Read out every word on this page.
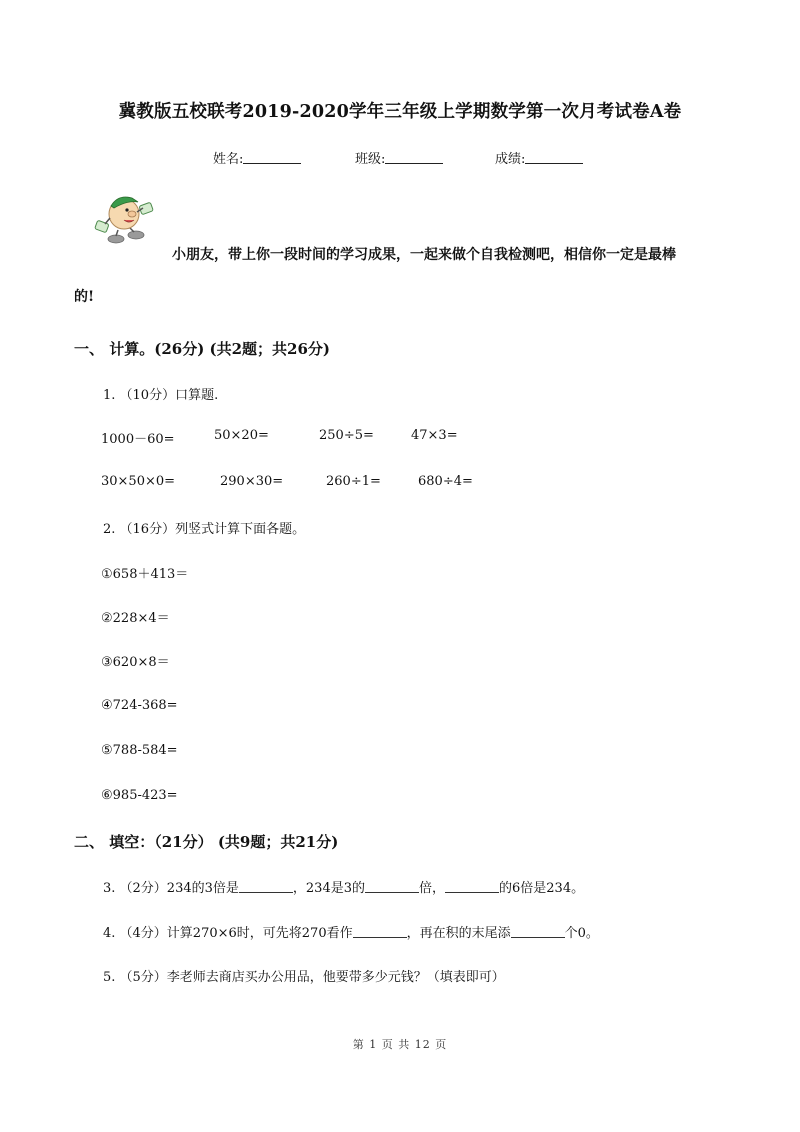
冀教版五校联考2019-2020学年三年级上学期数学第一次月考试卷A卷
姓名:	班级:	成绩:
小朋友，带上你一段时间的学习成果，一起来做个自我检测吧，相信你一定是最棒
的!
一、 计算。(26分) (共2题；共26分)
1. （10分）口算题.
1000－60=	50×20=	250÷5=	47×3=
30×50×0=	290×30=	260÷1=	680÷4=
2. （16分）列竖式计算下面各题。
①658＋413＝
②228×4＝
③620×8＝
④724-368=
⑤788-584=
⑥985-423=
二、 填空：（21分） (共9题；共21分)
3. （2分）234的3倍是	，234是3的	倍，	的6倍是234。
4. （4分）计算270×6时，可先将270看作	，再在积的末尾添	个0。
5. （5分）李老师去商店买办公用品，他要带多少元钱？（填表即可）
第 1 页 共 12 页
